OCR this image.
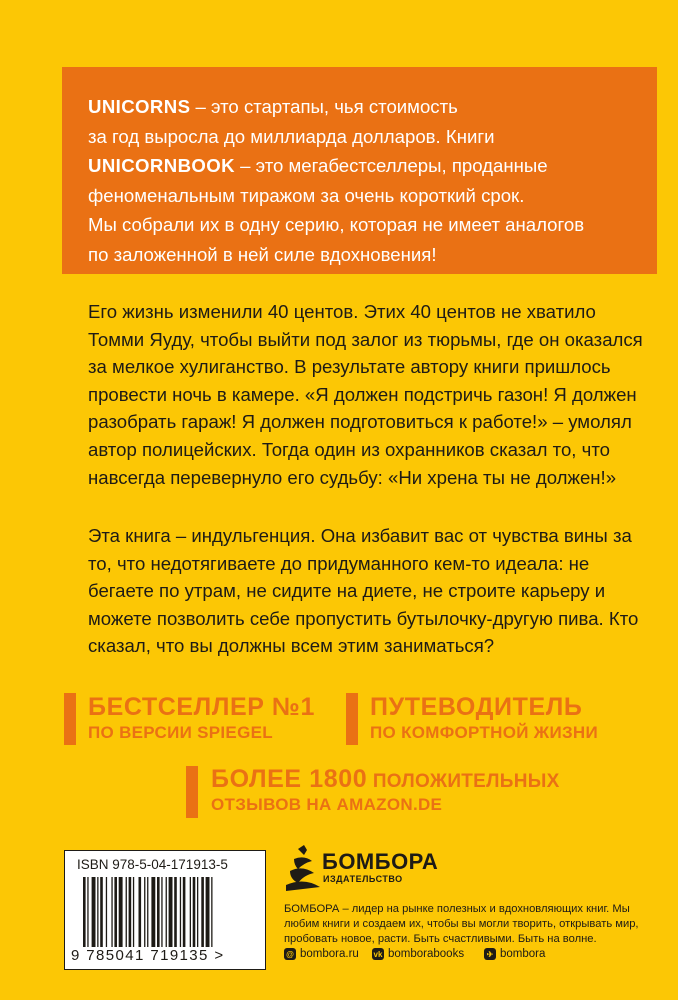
UNICORNS – это стартапы, чья стоимость
за год выросла до миллиарда долларов. Книги
UNICORNBOOK – это мегабестселлеры, проданные
феноменальным тиражом за очень короткий срок.
Мы собрали их в одну серию, которая не имеет аналогов
по заложенной в ней силе вдохновения!
Его жизнь изменили 40 центов. Этих 40 центов не хватило Томми Яуду, чтобы выйти под залог из тюрьмы, где он оказался за мелкое хулиганство. В результате автору книги пришлось провести ночь в камере. «Я должен подстричь газон! Я должен разобрать гараж! Я должен подготовиться к работе!» – умолял автор полицейских. Тогда один из охранников сказал то, что навсегда перевернуло его судьбу: «Ни хрена ты не должен!»
Эта книга – индульгенция. Она избавит вас от чувства вины за то, что недотягиваете до придуманного кем-то идеала: не бегаете по утрам, не сидите на диете, не строите карьеру и можете позволить себе пропустить бутылочку-другую пива. Кто сказал, что вы должны всем этим заниматься?
БЕСТСЕЛЛЕР №1
ПО ВЕРСИИ SPIEGEL
ПУТЕВОДИТЕЛЬ
ПО КОМФОРТНОЙ ЖИЗНИ
БОЛЕЕ 1800 ПОЛОЖИТЕЛЬНЫХ
ОТЗЫВОВ НА AMAZON.DE
ISBN 978-5-04-171913-5
9 785041 719135 >
БОМБОРА
ИЗДАТЕЛЬСТВО
БОМБОРА – лидер на рынке полезных и вдохновляющих книг. Мы любим книги и создаем их, чтобы вы могли творить, открывать мир, пробовать новое, расти. Быть счастливыми. Быть на волне.
@ bombora.ru vk bomborabooks	✈ bombora
